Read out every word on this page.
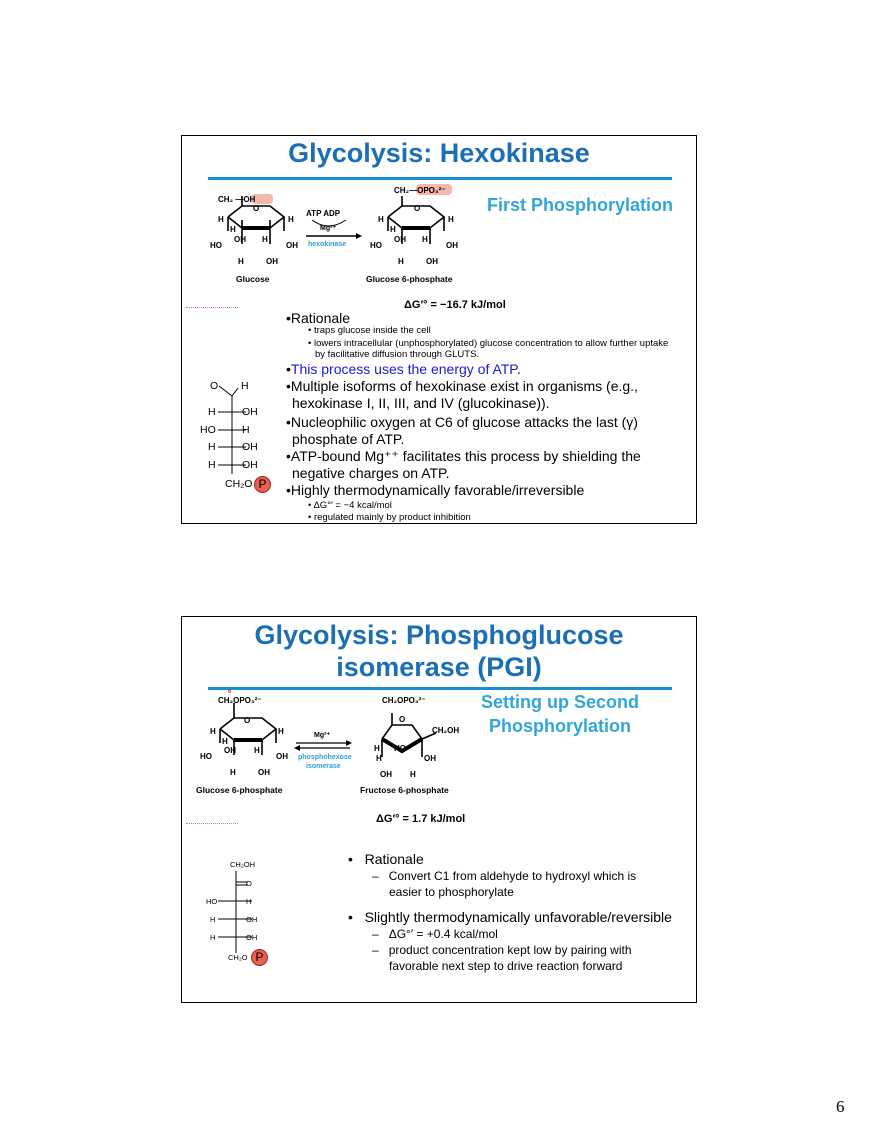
Glycolysis: Hexokinase
First Phosphorylation
CH₂ —OH
O
H	H
H
OH H
HO	OH
H	OH
Glucose
ATP ADP
Mg²⁺
hexokinase
CH₂—OPO₃²⁻
O
H	H
H
OH H
HO	OH
H	OH
Glucose 6-phosphate
ΔG′° = −16.7 kJ/mol
O H
H	OH
HO	H
H	OH
H	OH
CH₂O P
•Rationale
• traps glucose inside the cell
• lowers intracellular (unphosphorylated) glucose concentration to allow further uptake
by facilitative diffusion through GLUTS.
•This process uses the energy of ATP.
•Multiple isoforms of hexokinase exist in organisms (e.g.,
hexokinase I, II, III, and IV (glucokinase)).
•Nucleophilic oxygen at C6 of glucose attacks the last (γ)
phosphate of ATP.
•ATP-bound Mg⁺⁺ facilitates this process by shielding the
negative charges on ATP.
•Highly thermodynamically favorable/irreversible
• ΔG°′ = −4 kcal/mol
• regulated mainly by product inhibition
Glycolysis: Phosphoglucose
isomerase (PGI)
Setting up Second
Phosphorylation
6
CH₂OPO₃²⁻
O
H	H
H
OH H
HO	OH
H	OH
Glucose 6-phosphate
Mg²⁺
phosphohexose
isomerase
CH₂OPO₃²⁻
O
CH₂OH
H HO
H	OH
OH H
Fructose 6-phosphate
ΔG′° = 1.7 kJ/mol
CH₂OH
O
HO	H
H	OH
H	OH
CH₂O P
•   Rationale
–   Convert C1 from aldehyde to hydroxyl which is
easier to phosphorylate
•   Slightly thermodynamically unfavorable/reversible
–   ΔG°′ = +0.4 kcal/mol
–   product concentration kept low by pairing with
favorable next step to drive reaction forward
6
